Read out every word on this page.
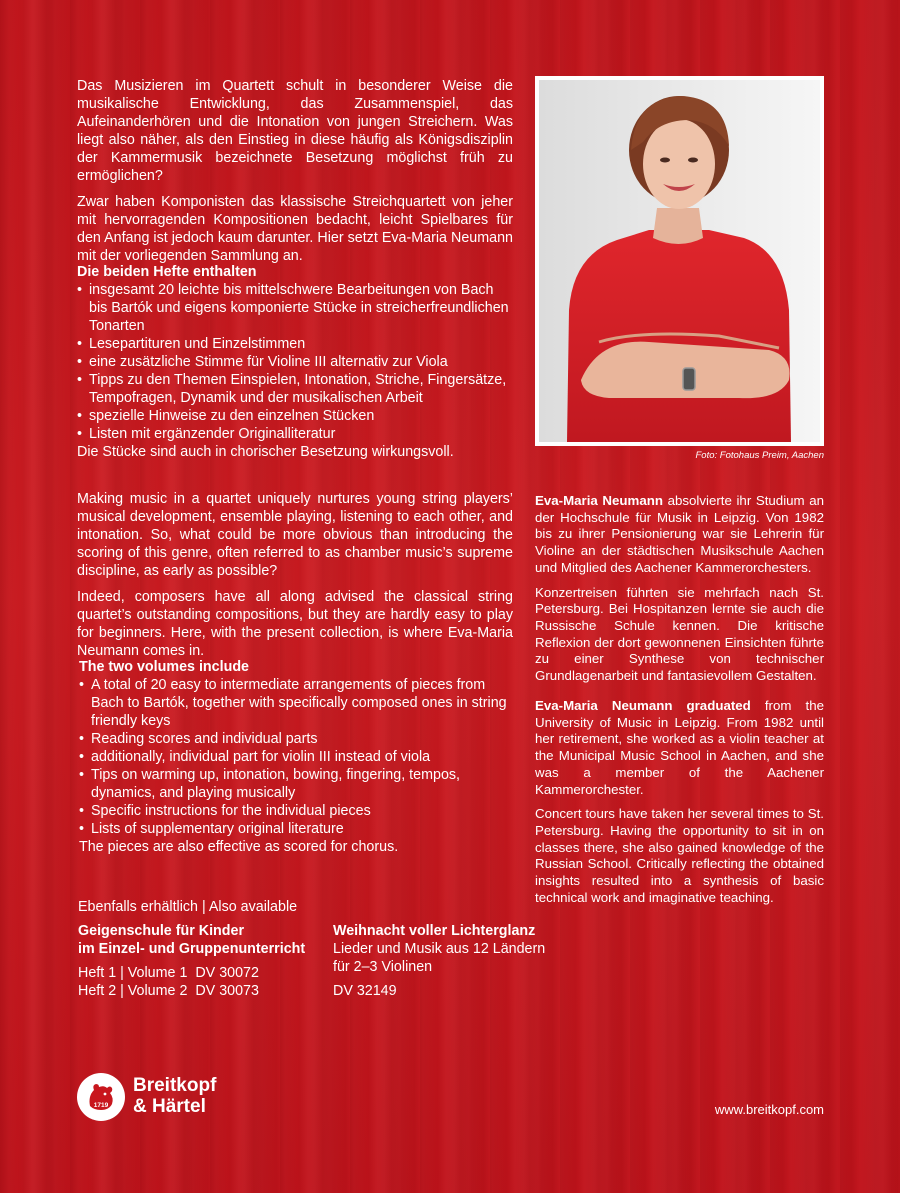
Das Musizieren im Quartett schult in besonderer Weise die musikalische Entwicklung, das Zusammenspiel, das Aufeinanderhören und die Intonation von jungen Streichern. Was liegt also näher, als den Einstieg in diese häufig als Königsdisziplin der Kammermusik bezeichnete Besetzung möglichst früh zu ermöglichen?

Zwar haben Komponisten das klassische Streichquartett von jeher mit hervorragenden Kompositionen bedacht, leicht Spielbares für den Anfang ist jedoch kaum darunter. Hier setzt Eva-Maria Neumann mit der vorliegenden Sammlung an.

Die beiden Hefte enthalten

• insgesamt 20 leichte bis mittelschwere Bearbeitungen von Bach bis Bartók und eigens komponierte Stücke in streicherfreundlichen Tonarten
• Lesepartituren und Einzelstimmen
• eine zusätzliche Stimme für Violine III alternativ zur Viola
• Tipps zu den Themen Einspielen, Intonation, Striche, Fingersätze, Tempofragen, Dynamik und der musikalischen Arbeit
• spezielle Hinweise zu den einzelnen Stücken
• Listen mit ergänzender Originalliteratur

Die Stücke sind auch in chorischer Besetzung wirkungsvoll.

Making music in a quartet uniquely nurtures young string players’ musical development, ensemble playing, listening to each other, and intonation. So, what could be more obvious than introducing the scoring of this genre, often referred to as chamber music’s supreme discipline, as early as possible?

Indeed, composers have all along advised the classical string quartet’s outstanding compositions, but they are hardly easy to play for beginners. Here, with the present collection, is where Eva-Maria Neumann comes in.

The two volumes include

• A total of 20 easy to intermediate arrangements of pieces from Bach to Bartók, together with specifically composed ones in string friendly keys
• Reading scores and individual parts
• additionally, individual part for violin III instead of viola
• Tips on warming up, intonation, bowing, fingering, tempos, dynamics, and playing musically
• Specific instructions for the individual pieces
• Lists of supplementary original literature

The pieces are also effective as scored for chorus.

Foto: Fotohaus Preim, Aachen

Eva-Maria Neumann absolvierte ihr Studium an der Hochschule für Musik in Leipzig. Von 1982 bis zu ihrer Pensionierung war sie Lehrerin für Violine an der städtischen Musikschule Aachen und Mitglied des Aachener Kammerorchesters.

Konzertreisen führten sie mehrfach nach St. Petersburg. Bei Hospitanzen lernte sie auch die Russische Schule kennen. Die kritische Reflexion der dort gewonnenen Einsichten führte zu einer Synthese von technischer Grundlagenarbeit und fantasievollem Gestalten.

Eva-Maria Neumann graduated from the University of Music in Leipzig. From 1982 until her retirement, she worked as a violin teacher at the Municipal Music School in Aachen, and she was a member of the Aachener Kammerorchester.

Concert tours have taken her several times to St. Petersburg. Having the opportunity to sit in on classes there, she also gained knowledge of the Russian School. Critically reflecting the obtained insights resulted into a synthesis of basic technical work and imaginative teaching.

Ebenfalls erhältlich | Also available

Geigenschule für Kinder

im Einzel- und Gruppenunterricht

Heft 1 | Volume 1  DV 30072

Heft 2 | Volume 2  DV 30073

Weihnacht voller Lichterglanz

Lieder und Musik aus 12 Ländern

für 2–3 Violinen

DV 32149

1719
Breitkopf
& Härtel	www.breitkopf.com
